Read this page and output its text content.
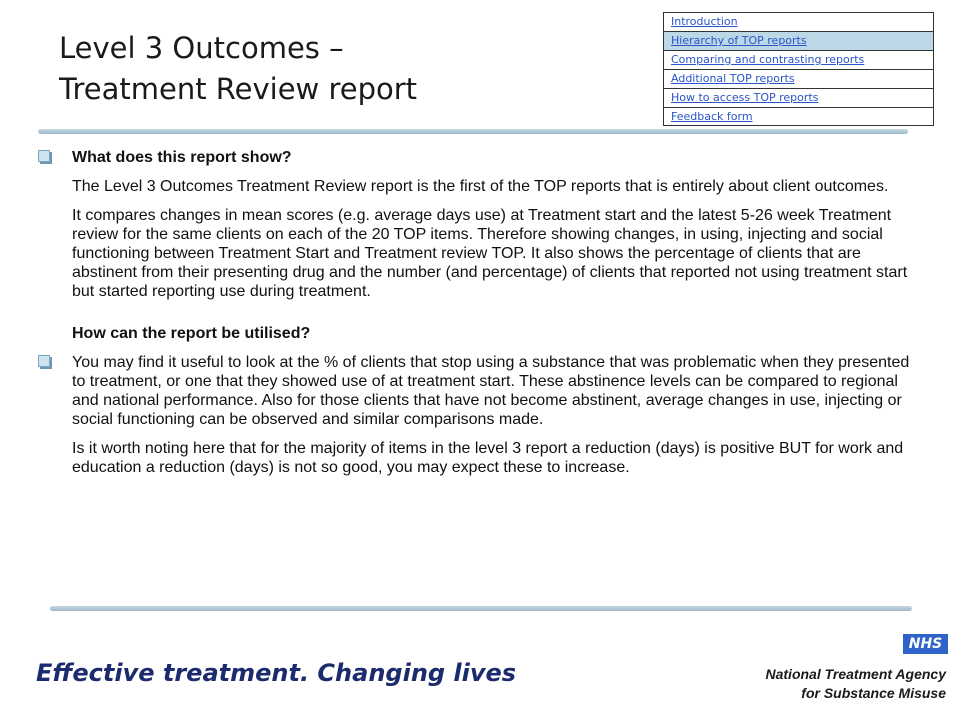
Level 3 Outcomes –
Treatment Review report
Introduction
Hierarchy of TOP reports
Comparing and contrasting reports
Additional TOP reports
How to access TOP reports
Feedback form
What does this report show?

The Level 3 Outcomes Treatment Review report is the first of the TOP reports that is entirely about client outcomes.

It compares changes in mean scores (e.g. average days use) at Treatment start and the latest 5-26 week Treatment review for the same clients on each of the 20 TOP items. Therefore showing changes, in using, injecting and social functioning between Treatment Start and Treatment review TOP. It also shows the percentage of clients that are abstinent from their presenting drug and the number (and percentage) of clients that reported not using treatment start but started reporting use during treatment.

How can the report be utilised?

You may find it useful to look at the % of clients that stop using a substance that was problematic when they presented to treatment, or one that they showed use of at treatment start. These abstinence levels can be compared to regional and national performance. Also for those clients that have not become abstinent, average changes in use, injecting or social functioning can be observed and similar comparisons made.

Is it worth noting here that for the majority of items in the level 3 report a reduction (days) is positive BUT for work and education a reduction (days) is not so good, you may expect these to increase.

Effective treatment. Changing lives
NHS
National Treatment Agency
for Substance Misuse
